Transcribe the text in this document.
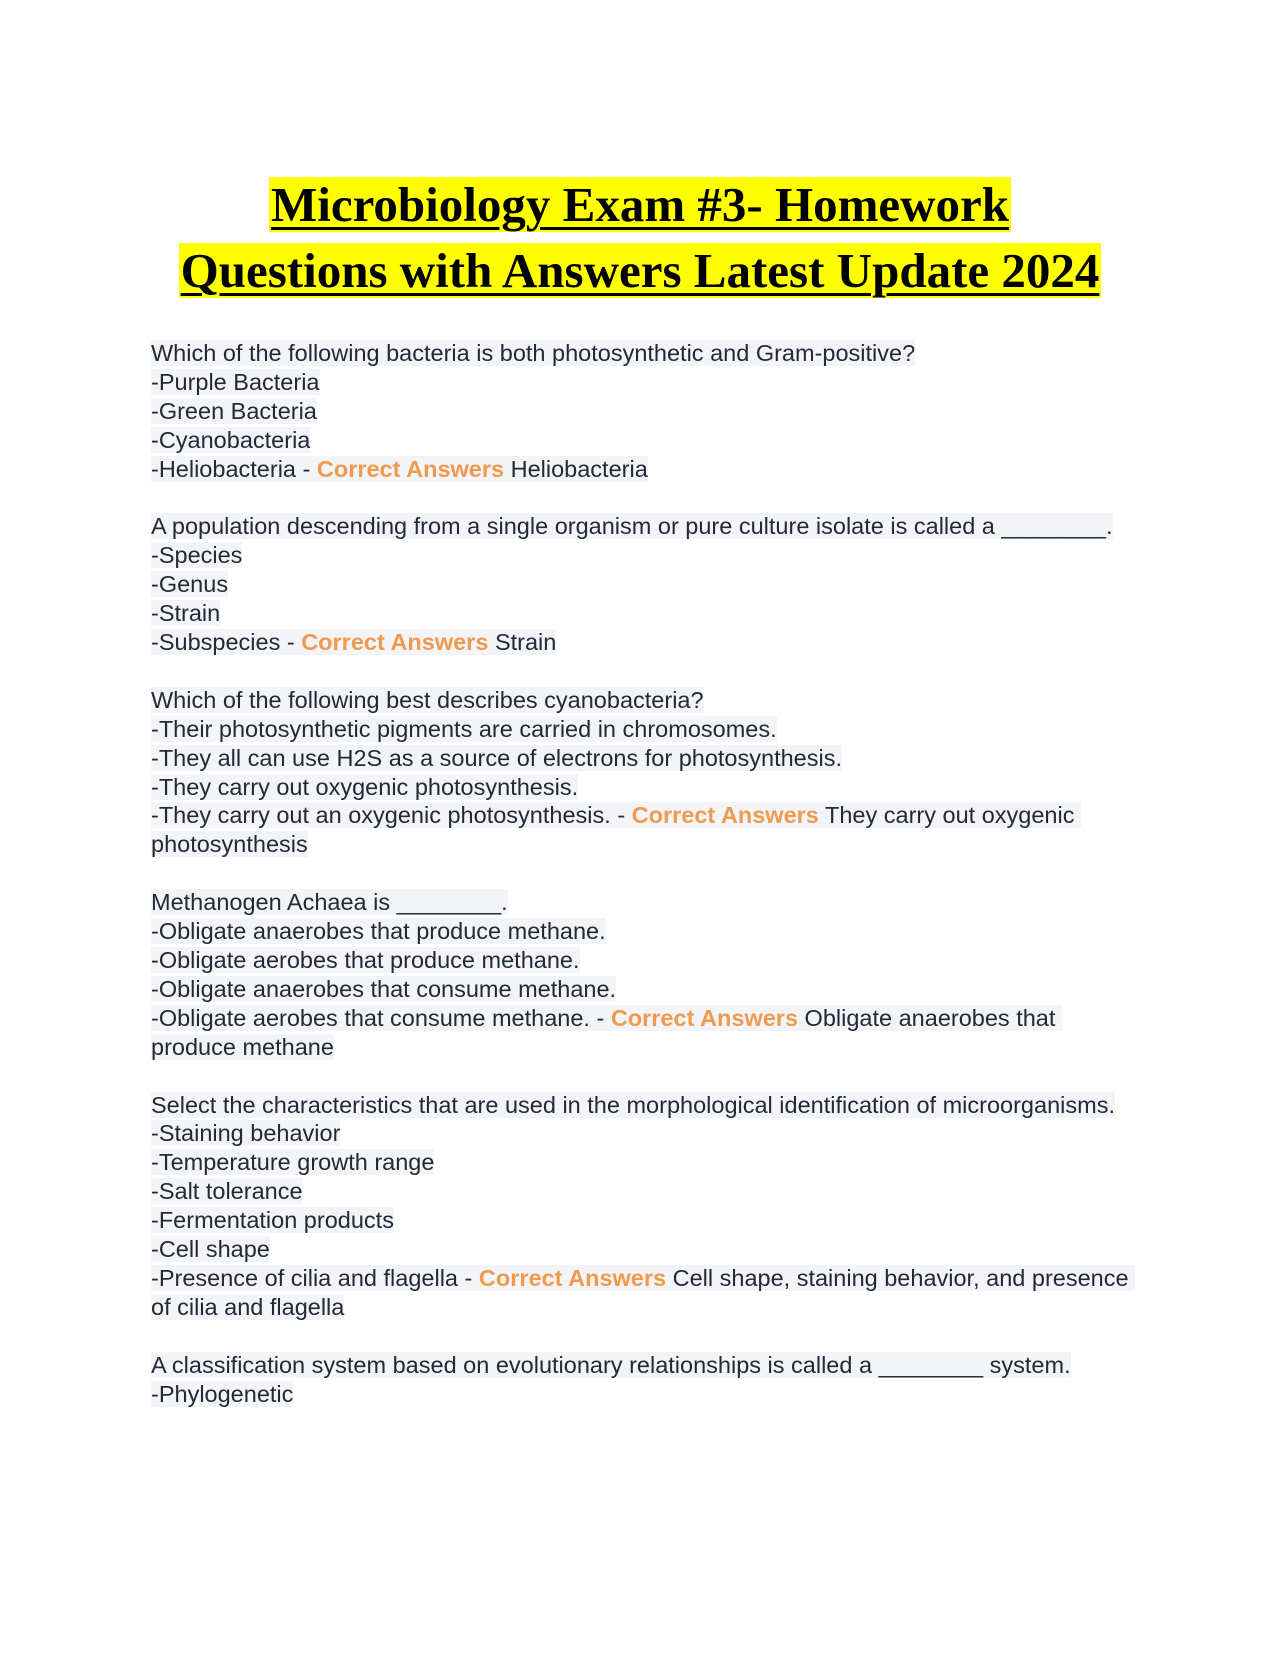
Microbiology Exam #3- Homework
Questions with Answers Latest Update 2024
Which of the following bacteria is both photosynthetic and Gram-positive?
-Purple Bacteria
-Green Bacteria
-Cyanobacteria
-Heliobacteria - Correct Answers Heliobacteria
A population descending from a single organism or pure culture isolate is called a ________.
-Species
-Genus
-Strain
-Subspecies - Correct Answers Strain
Which of the following best describes cyanobacteria?
-Their photosynthetic pigments are carried in chromosomes.
-They all can use H2S as a source of electrons for photosynthesis.
-They carry out oxygenic photosynthesis.
-They carry out an oxygenic photosynthesis. - Correct Answers They carry out oxygenic photosynthesis
Methanogen Achaea is ________.
-Obligate anaerobes that produce methane.
-Obligate aerobes that produce methane.
-Obligate anaerobes that consume methane.
-Obligate aerobes that consume methane. - Correct Answers Obligate anaerobes that produce methane
Select the characteristics that are used in the morphological identification of microorganisms.
-Staining behavior
-Temperature growth range
-Salt tolerance
-Fermentation products
-Cell shape
-Presence of cilia and flagella - Correct Answers Cell shape, staining behavior, and presence of cilia and flagella
A classification system based on evolutionary relationships is called a ________ system.
-Phylogenetic
